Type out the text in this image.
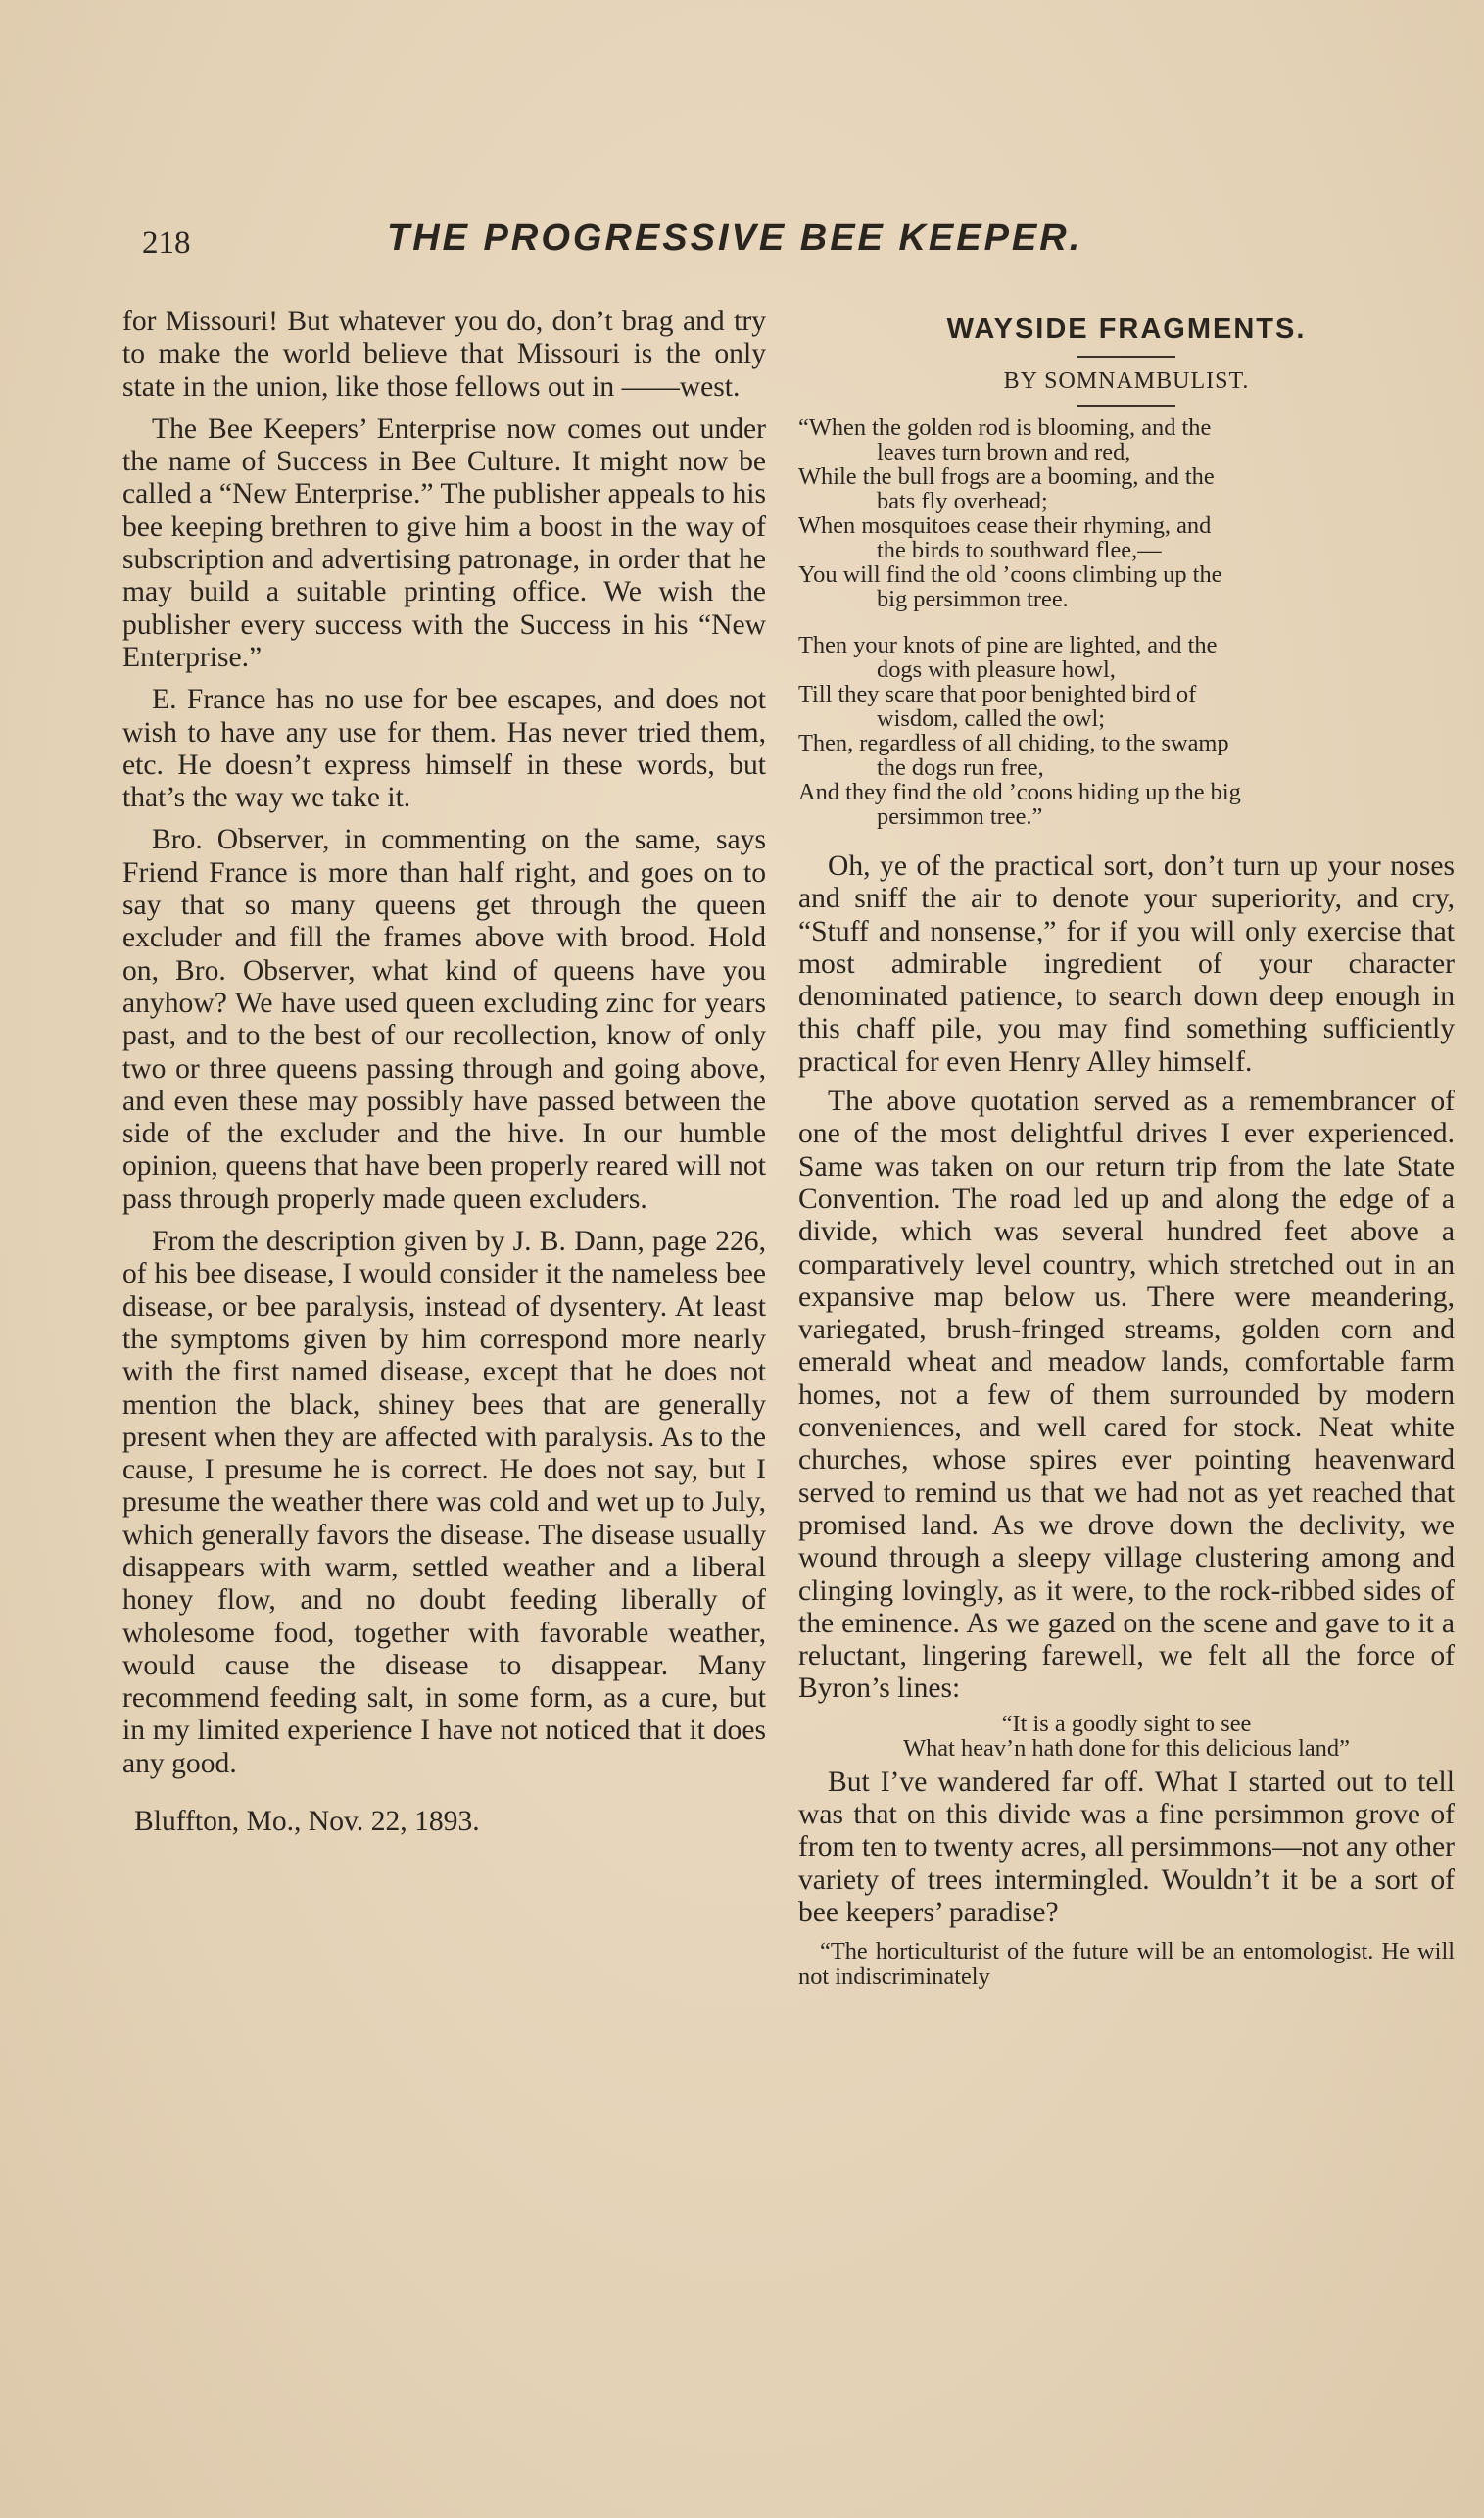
218	THE PROGRESSIVE BEE KEEPER.

for Missouri! But whatever you do, don’t brag and try to make the world believe that Missouri is the only state in the union, like those fellows out in ——west.

The Bee Keepers’ Enterprise now comes out under the name of Success in Bee Culture. It might now be called a “New Enterprise.” The publisher appeals to his bee keeping brethren to give him a boost in the way of subscription and advertising patronage, in order that he may build a suitable printing office. We wish the publisher every success with the Success in his “New Enterprise.”

E. France has no use for bee escapes, and does not wish to have any use for them. Has never tried them, etc. He doesn’t express himself in these words, but that’s the way we take it.

Bro. Observer, in commenting on the same, says Friend France is more than half right, and goes on to say that so many queens get through the queen excluder and fill the frames above with brood. Hold on, Bro. Observer, what kind of queens have you anyhow? We have used queen excluding zinc for years past, and to the best of our recollection, know of only two or three queens passing through and going above, and even these may possibly have passed between the side of the excluder and the hive. In our humble opinion, queens that have been properly reared will not pass through properly made queen excluders.

From the description given by J. B. Dann, page 226, of his bee disease, I would consider it the nameless bee disease, or bee paralysis, instead of dysentery. At least the symptoms given by him correspond more nearly with the first named disease, except that he does not mention the black, shiney bees that are generally present when they are affected with paralysis. As to the cause, I presume he is correct. He does not say, but I presume the weather there was cold and wet up to July, which generally favors the disease. The disease usually disappears with warm, settled weather and a liberal honey flow, and no doubt feeding liberally of wholesome food, together with favorable weather, would cause the disease to disappear. Many recommend feeding salt, in some form, as a cure, but in my limited experience I have not noticed that it does any good.

Bluffton, Mo., Nov. 22, 1893.

WAYSIDE FRAGMENTS.
BY SOMNAMBULIST.

“When the golden rod is blooming, and the
leaves turn brown and red,

While the bull frogs are a booming, and the
bats fly overhead;

When mosquitoes cease their rhyming, and
the birds to southward flee,—

You will find the old ’coons climbing up the
big persimmon tree.

Then your knots of pine are lighted, and the
dogs with pleasure howl,

Till they scare that poor benighted bird of
wisdom, called the owl;

Then, regardless of all chiding, to the swamp
the dogs run free,

And they find the old ’coons hiding up the big
persimmon tree.”

Oh, ye of the practical sort, don’t turn up your noses and sniff the air to denote your superiority, and cry, “Stuff and nonsense,” for if you will only exercise that most admirable ingredient of your character denominated patience, to search down deep enough in this chaff pile, you may find something sufficiently practical for even Henry Alley himself.

The above quotation served as a remembrancer of one of the most delightful drives I ever experienced. Same was taken on our return trip from the late State Convention. The road led up and along the edge of a divide, which was several hundred feet above a comparatively level country, which stretched out in an expansive map below us. There were meandering, variegated, brush-fringed streams, golden corn and emerald wheat and meadow lands, comfortable farm homes, not a few of them surrounded by modern conveniences, and well cared for stock. Neat white churches, whose spires ever pointing heavenward served to remind us that we had not as yet reached that promised land. As we drove down the declivity, we wound through a sleepy village clustering among and clinging lovingly, as it were, to the rock-ribbed sides of the eminence. As we gazed on the scene and gave to it a reluctant, lingering farewell, we felt all the force of Byron’s lines:

“It is a goodly sight to see
What heav’n hath done for this delicious land”

But I’ve wandered far off. What I started out to tell was that on this divide was a fine persimmon grove of from ten to twenty acres, all persimmons—not any other variety of trees intermingled. Wouldn’t it be a sort of bee keepers’ paradise?

“The horticulturist of the future will be an entomologist. He will not indiscriminately
